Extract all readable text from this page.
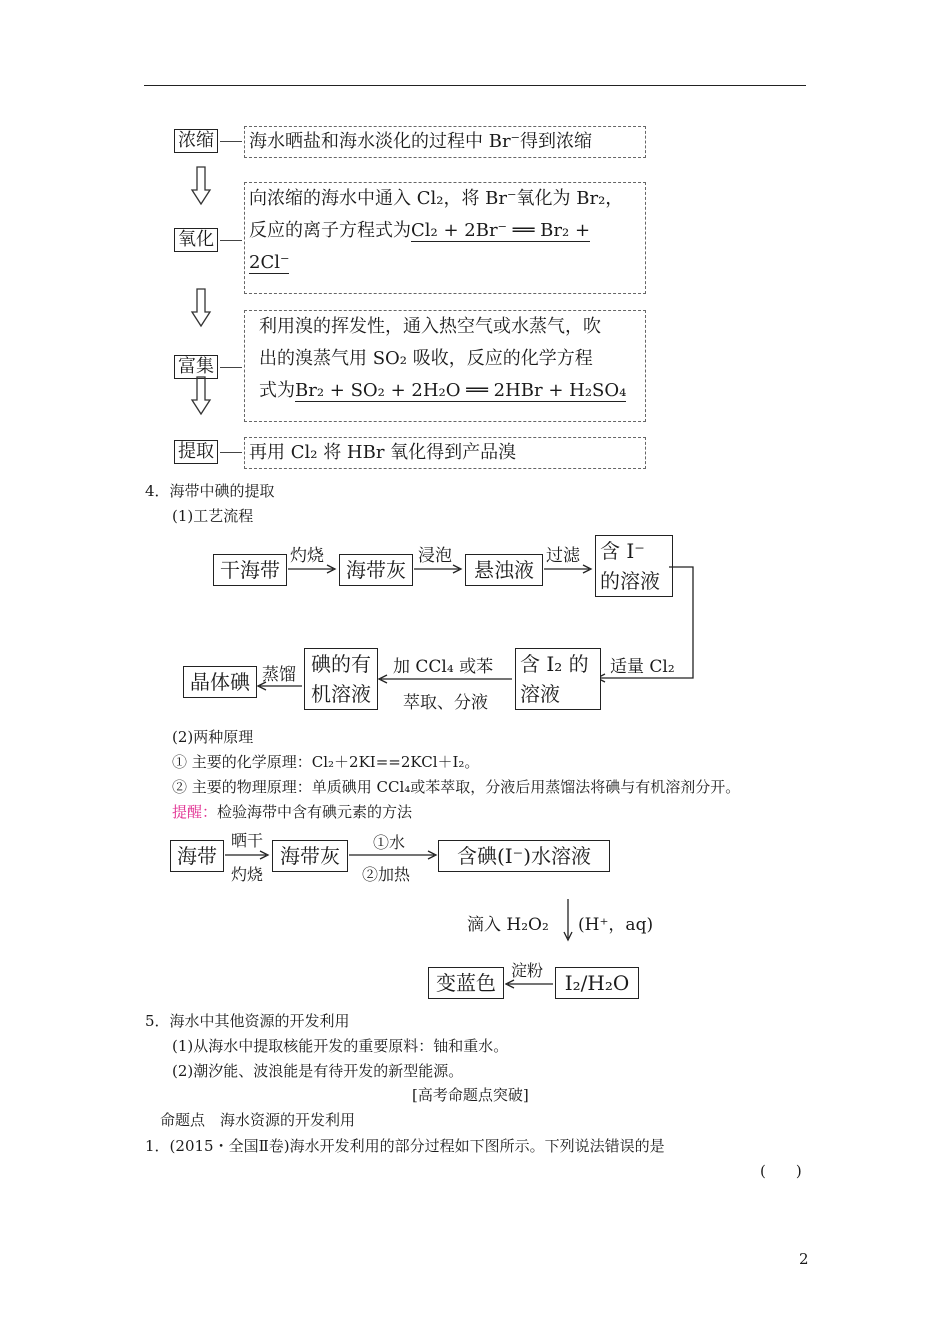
浓缩 海水晒盐和海水淡化的过程中 Br⁻得到浓缩
氧化
向浓缩的海水中通入 Cl₂，将 Br⁻氧化为 Br₂，
反应的离子方程式为Cl₂ + 2Br⁻ ══ Br₂ +
2Cl⁻
富集
利用溴的挥发性，通入热空气或水蒸气，吹
出的溴蒸气用 SO₂ 吸收，反应的化学方程
式为Br₂ + SO₂ + 2H₂O ══ 2HBr + H₂SO₄
提取 再用 Cl₂ 将 HBr 氧化得到产品溴
4．海带中碘的提取
(1)工艺流程
干海带
灼烧
海带灰
浸泡
悬浊液
过滤 含 I⁻
的溶液
适量 Cl₂
含 I₂ 的
溶液
加 CCl₄ 或苯
萃取、分液
碘的有
机溶液
蒸馏
晶体碘
(2)两种原理
① 主要的化学原理：Cl₂＋2KI==2KCl＋I₂。
② 主要的物理原理：单质碘用 CCl₄或苯萃取，分液后用蒸馏法将碘与有机溶剂分开。
提醒：检验海带中含有碘元素的方法
海带
晒干
灼烧
海带灰
①水
②加热
含碘(I⁻)水溶液
滴入 H₂O₂ (H⁺，aq)
I₂/H₂O
淀粉
变蓝色
5．海水中其他资源的开发利用
(1)从海水中提取核能开发的重要原料：铀和重水。
(2)潮汐能、波浪能是有待开发的新型能源。
[高考命题点突破]
命题点　海水资源的开发利用
1．(2015・全国Ⅱ卷)海水开发利用的部分过程如下图所示。下列说法错误的是
(　　)
2
